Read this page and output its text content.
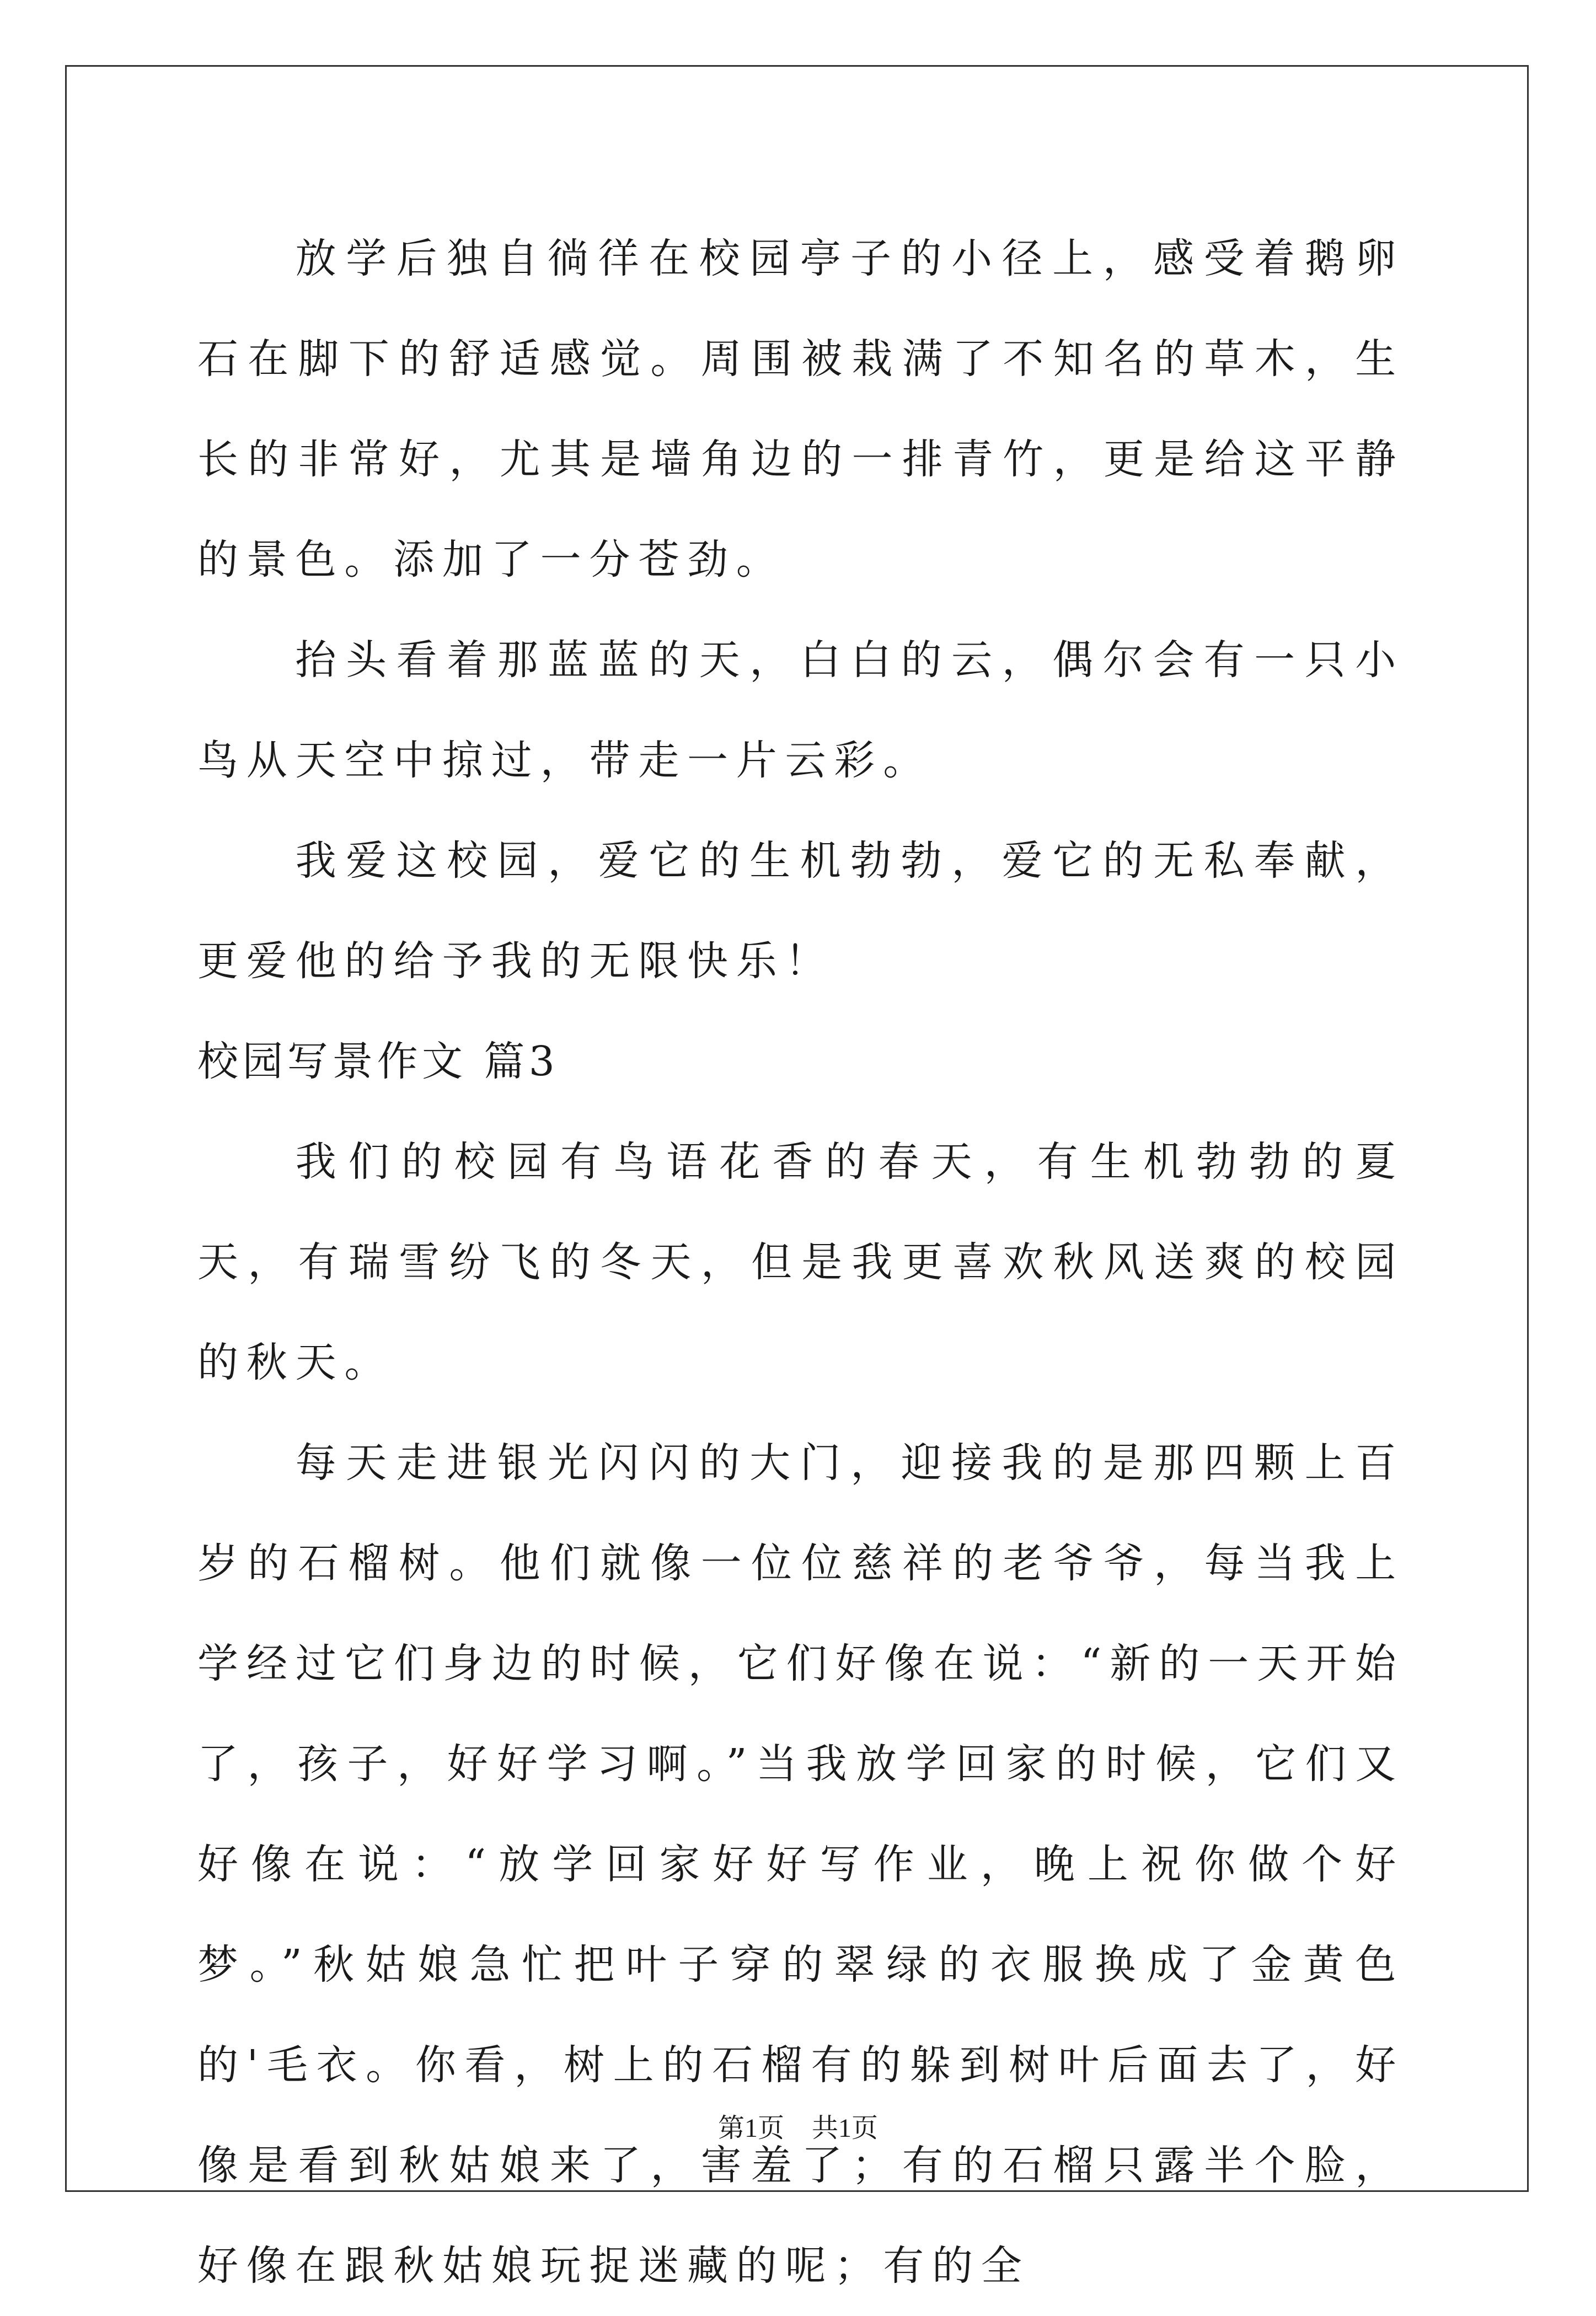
放学后独自徜徉在校园亭子的小径上，感受着鹅卵石在脚下的舒适感觉。周围被栽满了不知名的草木，生长的非常好，尤其是墙角边的一排青竹，更是给这平静的景色。添加了一分苍劲。

抬头看着那蓝蓝的天，白白的云，偶尔会有一只小鸟从天空中掠过，带走一片云彩。

我爱这校园，爱它的生机勃勃，爱它的无私奉献，更爱他的给予我的无限快乐！

校园写景作文 篇3

我们的校园有鸟语花香的春天，有生机勃勃的夏天，有瑞雪纷飞的冬天，但是我更喜欢秋风送爽的校园的秋天。

每天走进银光闪闪的大门，迎接我的是那四颗上百岁的石榴树。他们就像一位位慈祥的老爷爷，每当我上学经过它们身边的时候，它们好像在说：“新的一天开始了，孩子，好好学习啊。”当我放学回家的时候，它们又好像在说：“放学回家好好写作业，晚上祝你做个好梦。”秋姑娘急忙把叶子穿的翠绿的衣服换成了金黄色的'毛衣。你看，树上的石榴有的躲到树叶后面去了，好像是看到秋姑娘来了，害羞了；有的石榴只露半个脸，好像在跟秋姑娘玩捉迷藏的呢；有的全

第1页 共1页
